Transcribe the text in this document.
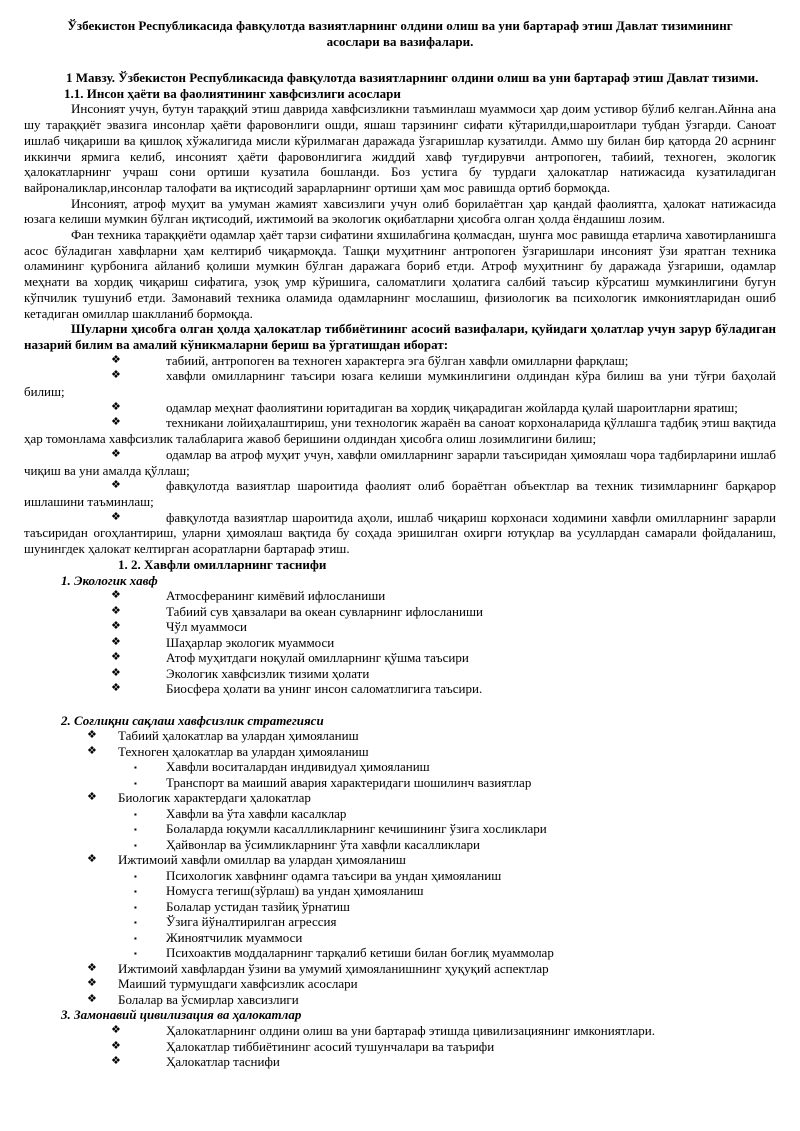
Ўзбекистон Республикасида фавқулотда вазиятларнинг олдини олиш ва уни бартараф этиш Давлат тизимининг асослари ва вазифалари.
1 Мавзу. Ўзбекистон Республикасида фавқулотда вазиятларнинг олдини олиш ва уни бартараф этиш Давлат тизими.
1.1. Инсон ҳаёти ва фаолиятининг хавфсизлиги асослари

Инсоният учун, бутун тараққий этиш даврида хавфсизликни таъминлаш муаммоси ҳар доим устивор бўлиб келган.Айнна ана шу тараққиёт эвазига инсонлар ҳаёти фаровонлиги ошди, яшаш тарзининг сифати кўтарилди,шароитлари тубдан ўзгарди. Саноат ишлаб чиқариши ва қишлоқ хўжалигида мисли кўрилмаган даражада ўзгаришлар кузатилди. Аммо шу билан бир қаторда 20 асрнинг иккинчи ярмига келиб, инсоният ҳаёти фаровонлигига жиддий хавф туғдирувчи антропоген, табиий, техноген, экологик ҳалокатларнинг учраш сони ортиши кузатила бошланди. Боз устига бу турдаги ҳалокатлар натижасида кузатиладиган вайроналиклар,инсонлар талофати ва иқтисодий зарарларнинг ортиши ҳам мос равишда ортиб бормоқда.

Инсоният, атроф муҳит ва умуман жамият хавсизлиги учун олиб борилаётган ҳар қандай фаолиятга, ҳалокат натижасида юзага келиши мумкин бўлган иқтисодий, ижтимоий ва экологик оқибатларни ҳисобга олган ҳолда ёндашиш лозим.

Фан техника тараққиёти одамлар ҳаёт тарзи сифатини яхшилабгина қолмасдан, шунга мос равишда етарлича хавотирланишга асос бўладиган хавфларни ҳам келтириб чиқармоқда. Ташқи муҳитнинг антропоген ўзгаришлари инсоният ўзи яратган техника оламининг қурбонига айланиб қолиши мумкин бўлган даражага бориб етди. Атроф муҳитнинг бу даражада ўзгариши, одамлар меҳнати ва хордиқ чиқариш сифатига, узоқ умр кўришига, саломатлиги ҳолатига салбий таъсир кўрсатиш мумкинлигини бугун кўпчилик тушуниб етди. Замонавий техника оламида одамларнинг мослашиш, физиологик ва психологик имкониятларидан ошиб кетадиган омиллар шаклланиб бормоқда.

Шуларни ҳисобга олган ҳолда ҳалокатлар тиббиётининг асосий вазифалари, қуйидаги ҳолатлар учун зарур бўладиган назарий билим ва амалий кўникмаларни бериш ва ўргатишдан иборат:

❖	табиий, антропоген ва техноген характерга эга бўлган хавфли омилларни фарқлаш;
❖	хавфли омилларнинг таъсири юзага келиши мумкинлигини олдиндан кўра билиш ва уни тўғри баҳолай билиш;
❖	одамлар меҳнат фаолиятини юритадиган ва хордиқ чиқарадиган жойларда қулай шароитларни яратиш;
❖	техникани лойиҳалаштириш, уни технологик жараён ва саноат корхоналарида қўллашга тадбиқ этиш вақтида ҳар томонлама хавфсизлик талабларига жавоб беришини олдиндан ҳисобга олиш лозимлигини билиш;
❖	одамлар ва атроф муҳит учун, хавфли омилларнинг зарарли таъсиридан ҳимоялаш чора тадбирларини ишлаб чиқиш ва уни амалда қўллаш;
❖	фавқулотда вазиятлар шароитида фаолият олиб бораётган объектлар ва техник тизимларнинг барқарор ишлашини таъминлаш;
❖	фавқулотда вазиятлар шароитида аҳоли, ишлаб чиқариш корхонаси ходимини хавфли омилларнинг зарарли таъсиридан огоҳлантириш, уларни ҳимоялаш вақтида бу соҳада эришилган охирги ютуқлар ва усуллардан самарали фойдаланиш, шунингдек ҳалокат келтирган асоратларни бартараф этиш.
1. 2. Хавфли омилларнинг таснифи
1. Экологик хавф
❖	Атмосферанинг кимёвий ифлосланиши
❖	Табиий сув ҳавзалари ва океан сувларнинг ифлосланиши
❖	Чўл муаммоси
❖	Шаҳарлар экологик муаммоси
❖	Атоф муҳитдаги ноқулай омилларнинг қўшма таъсири
❖	Экологик хавфсизлик тизими ҳолати
❖	Биосфера ҳолати ва унинг инсон саломатлигига таъсири.
2. Соғлиқни сақлаш хавфсизлик стратегияси
❖ Табиий ҳалокатлар ва улардан ҳимояланиш
❖ Техноген ҳалокатлар ва улардан ҳимояланиш
▪ Хавфли воситалардан индивидуал ҳимояланиш
▪ Транспорт ва маиший авария характеридаги шошилинч вазиятлар
❖ Биологик характердаги ҳалокатлар
▪ Хавфли ва ўта хавфли касалклар
▪ Болаларда юқумли касаллликларнинг кечишининг ўзига хосликлари
▪ Ҳайвонлар ва ўсимликларнинг ўта хавфли касалликлари
❖ Ижтимоий хавфли омиллар ва улардан ҳимояланиш
▪ Психологик хавфнинг одамга таъсири ва ундан ҳимояланиш
▪ Номусга тегиш(зўрлаш) ва ундан ҳимояланиш
▪ Болалар устидан тазйиқ ўрнатиш
▪ Ўзига йўналтирилган агрессия
▪ Жиноятчилик муаммоси
▪ Психоактив моддаларнинг тарқалиб кетиши билан боғлиқ муаммолар
❖ Ижтимоий хавфлардан ўзини ва умумий ҳимояланишнинг ҳуқуқий аспектлар
❖ Маиший турмушдаги хавфсизлик асослари
❖ Болалар ва ўсмирлар хавсизлиги
3. Замонавий цивилизация ва ҳалокатлар
❖	Ҳалокатларнинг олдини олиш ва уни бартараф этишда цивилизациянинг имкониятлари.
❖	Ҳалокатлар тиббиётининг асосий тушунчалари ва таърифи
❖	Ҳалокатлар таснифи
